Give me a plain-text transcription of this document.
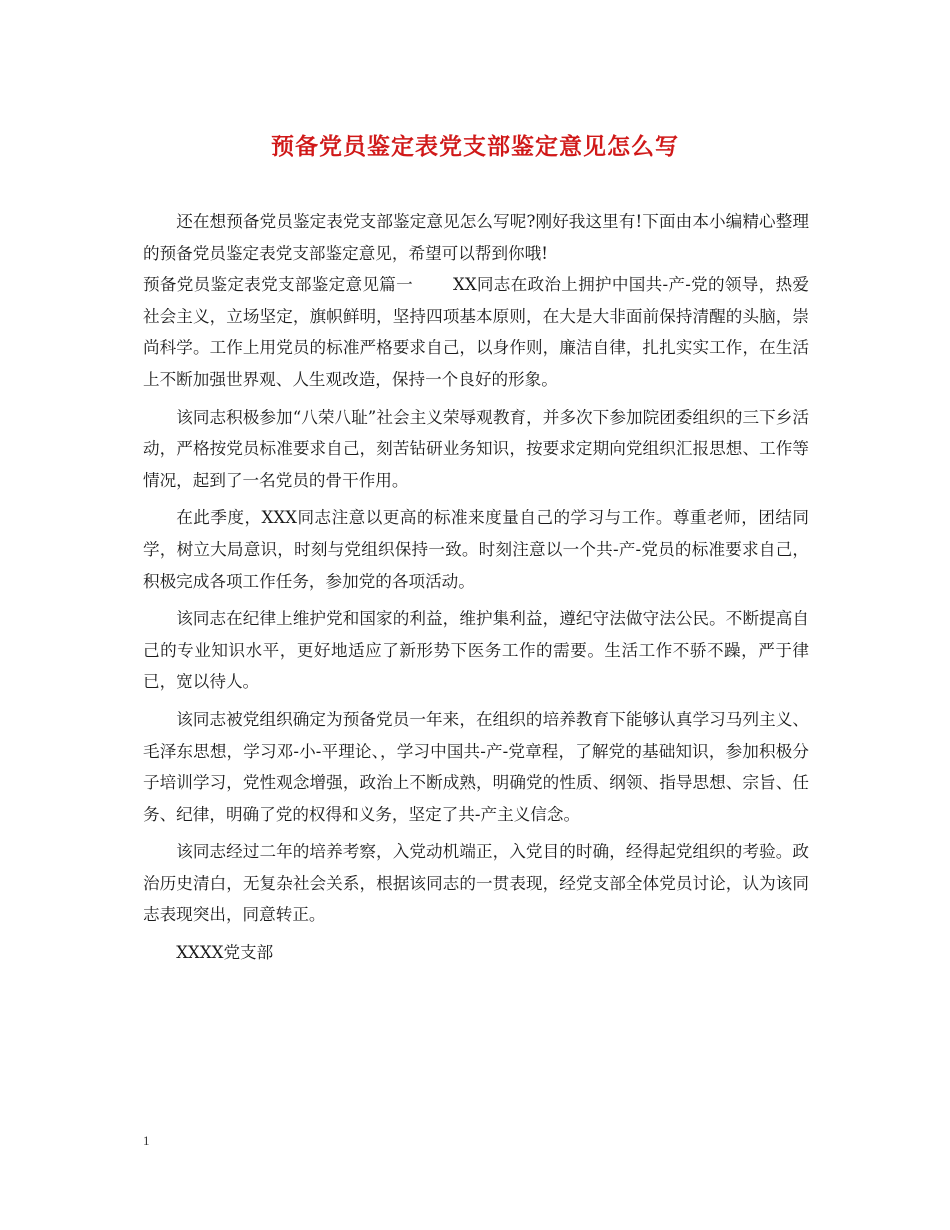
预备党员鉴定表党支部鉴定意见怎么写

还在想预备党员鉴定表党支部鉴定意见怎么写呢?刚好我这里有!下面由本小编精心整理的预备党员鉴定表党支部鉴定意见，希望可以帮到你哦!

预备党员鉴定表党支部鉴定意见篇一 XX同志在政治上拥护中国共-产-党的领导，热爱社会主义，立场坚定，旗帜鲜明，坚持四项基本原则，在大是大非面前保持清醒的头脑，崇尚科学。工作上用党员的标准严格要求自己，以身作则，廉洁自律，扎扎实实工作，在生活上不断加强世界观、人生观改造，保持一个良好的形象。

该同志积极参加“八荣八耻”社会主义荣辱观教育，并多次下参加院团委组织的三下乡活动，严格按党员标准要求自己，刻苦钻研业务知识，按要求定期向党组织汇报思想、工作等情况，起到了一名党员的骨干作用。

在此季度，XXX同志注意以更高的标准来度量自己的学习与工作。尊重老师，团结同学，树立大局意识，时刻与党组织保持一致。时刻注意以一个共-产-党员的标准要求自己，积极完成各项工作任务，参加党的各项活动。

该同志在纪律上维护党和国家的利益，维护集利益，遵纪守法做守法公民。不断提高自己的专业知识水平，更好地适应了新形势下医务工作的需要。生活工作不骄不躁，严于律已，宽以待人。

该同志被党组织确定为预备党员一年来，在组织的培养教育下能够认真学习马列主义、毛泽东思想，学习邓-小-平理论、，学习中国共-产-党章程，了解党的基础知识，参加积极分子培训学习，党性观念增强，政治上不断成熟，明确党的性质、纲领、指导思想、宗旨、任务、纪律，明确了党的权得和义务，坚定了共-产主义信念。

该同志经过二年的培养考察，入党动机端正，入党目的时确，经得起党组织的考验。政治历史清白，无复杂社会关系，根据该同志的一贯表现，经党支部全体党员讨论，认为该同志表现突出，同意转正。

XXXX党支部

1
